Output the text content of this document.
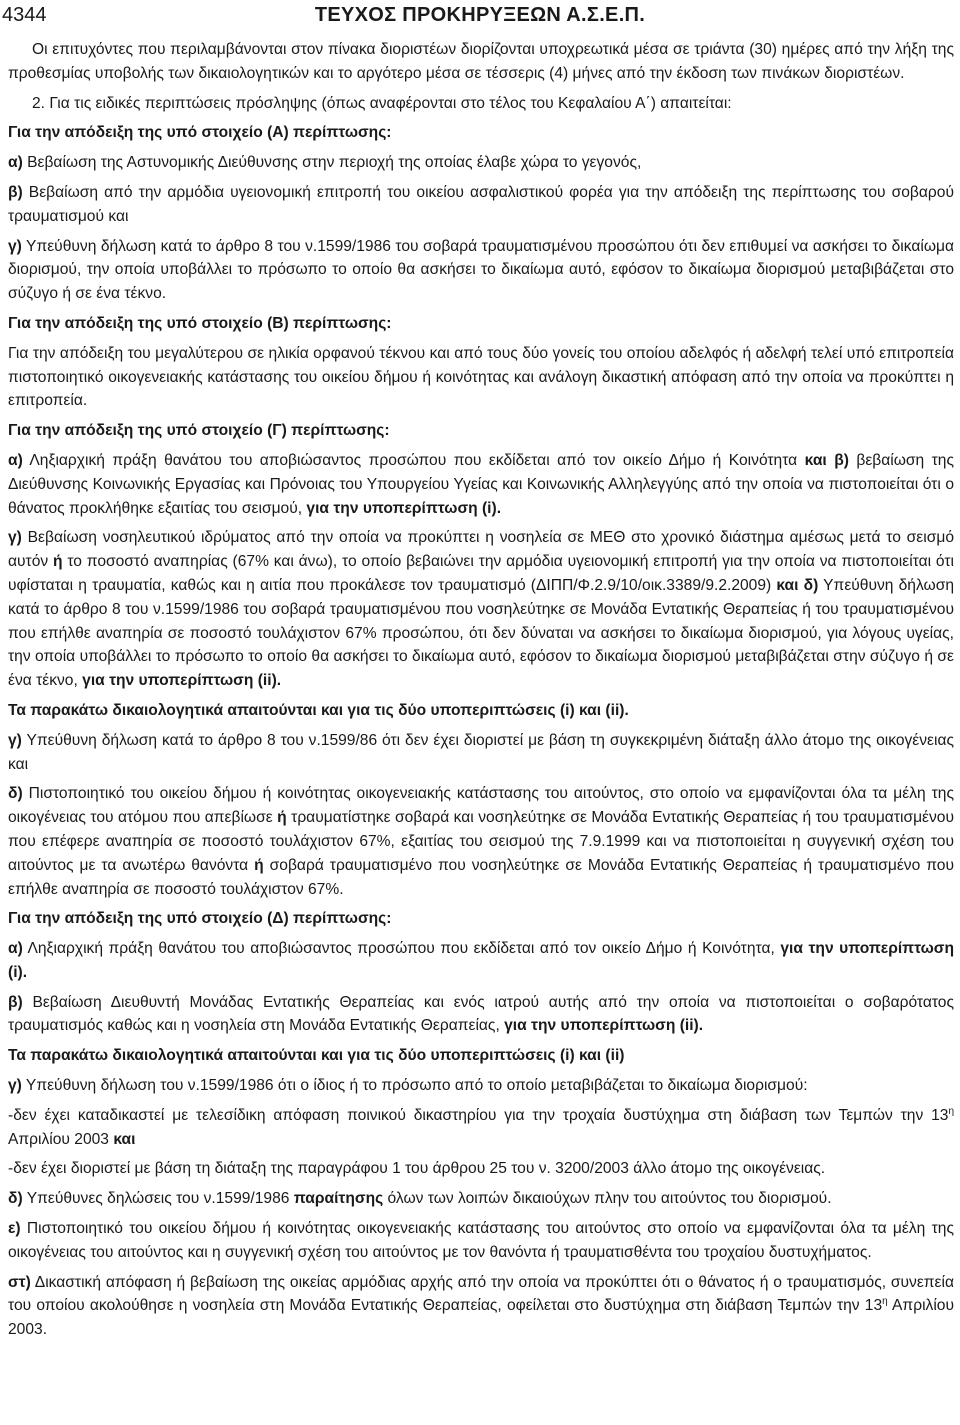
4344	ΤΕΥΧΟΣ ΠΡΟΚΗΡΥΞΕΩΝ Α.Σ.Ε.Π.

Οι επιτυχόντες που περιλαμβάνονται στον πίνακα διοριστέων διορίζονται υποχρεωτικά μέσα σε τριάντα (30) ημέρες από την λήξη της προθεσμίας υποβολής των δικαιολογητικών και το αργότερο μέσα σε τέσσερις (4) μήνες από την έκδοση των πινάκων διοριστέων.

2. Για τις ειδικές περιπτώσεις πρόσληψης (όπως αναφέρονται στο τέλος του Κεφαλαίου Α΄) απαιτείται:

Για την απόδειξη της υπό στοιχείο (Α) περίπτωσης:

α) Βεβαίωση της Αστυνομικής Διεύθυνσης στην περιοχή της οποίας έλαβε χώρα το γεγονός,

β) Βεβαίωση από την αρμόδια υγειονομική επιτροπή του οικείου ασφαλιστικού φορέα για την απόδειξη της περίπτωσης του σοβαρού τραυματισμού και

γ) Υπεύθυνη δήλωση κατά το άρθρο 8 του ν.1599/1986 του σοβαρά τραυματισμένου προσώπου ότι δεν επιθυμεί να ασκήσει το δικαίωμα διορισμού, την οποία υποβάλλει το πρόσωπο το οποίο θα ασκήσει το δικαίωμα αυτό, εφόσον το δικαίωμα διορισμού μεταβιβάζεται στο σύζυγο ή σε ένα τέκνο.

Για την απόδειξη της υπό στοιχείο (Β) περίπτωσης:

Για την απόδειξη του μεγαλύτερου σε ηλικία ορφανού τέκνου και από τους δύο γονείς του οποίου αδελφός ή αδελφή τελεί υπό επιτροπεία πιστοποιητικό οικογενειακής κατάστασης του οικείου δήμου ή κοινότητας και ανάλογη δικαστική απόφαση από την οποία να προκύπτει η επιτροπεία.

Για την απόδειξη της υπό στοιχείο (Γ) περίπτωσης:

α) Ληξιαρχική πράξη θανάτου του αποβιώσαντος προσώπου που εκδίδεται από τον οικείο Δήμο ή Κοινότητα και β) βεβαίωση της Διεύθυνσης Κοινωνικής Εργασίας και Πρόνοιας του Υπουργείου Υγείας και Κοινωνικής Αλληλεγγύης από την οποία να πιστοποιείται ότι ο θάνατος προκλήθηκε εξαιτίας του σεισμού, για την υποπερίπτωση (i).

γ) Βεβαίωση νοσηλευτικού ιδρύματος από την οποία να προκύπτει η νοσηλεία σε ΜΕΘ στο χρονικό διάστημα αμέσως μετά το σεισμό αυτόν ή το ποσοστό αναπηρίας (67% και άνω), το οποίο βεβαιώνει την αρμόδια υγειονομική επιτροπή για την οποία να πιστοποιείται ότι υφίσταται η τραυματία, καθώς και η αιτία που προκάλεσε τον τραυματισμό (ΔΙΠΠ/Φ.2.9/10/οικ.3389/9.2.2009) και δ) Υπεύθυνη δήλωση κατά το άρθρο 8 του ν.1599/1986 του σοβαρά τραυματισμένου που νοσηλεύτηκε σε Μονάδα Εντατικής Θεραπείας ή του τραυματισμένου που επήλθε αναπηρία σε ποσοστό τουλάχιστον 67% προσώπου, ότι δεν δύναται να ασκήσει το δικαίωμα διορισμού, για λόγους υγείας, την οποία υποβάλλει το πρόσωπο το οποίο θα ασκήσει το δικαίωμα αυτό, εφόσον το δικαίωμα διορισμού μεταβιβάζεται στην σύζυγο ή σε ένα τέκνο, για την υποπερίπτωση (ii).

Τα παρακάτω δικαιολογητικά απαιτούνται και για τις δύο υποπεριπτώσεις (i) και (ii).

γ) Υπεύθυνη δήλωση κατά το άρθρο 8 του ν.1599/86 ότι δεν έχει διοριστεί με βάση τη συγκεκριμένη διάταξη άλλο άτομο της οικογένειας και

δ) Πιστοποιητικό του οικείου δήμου ή κοινότητας οικογενειακής κατάστασης του αιτούντος, στο οποίο να εμφανίζονται όλα τα μέλη της οικογένειας του ατόμου που απεβίωσε ή τραυματίστηκε σοβαρά και νοσηλεύτηκε σε Μονάδα Εντατικής Θεραπείας ή του τραυματισμένου που επέφερε αναπηρία σε ποσοστό τουλάχιστον 67%, εξαιτίας του σεισμού της 7.9.1999 και να πιστοποιείται η συγγενική σχέση του αιτούντος με τα ανωτέρω θανόντα ή σοβαρά τραυματισμένο που νοσηλεύτηκε σε Μονάδα Εντατικής Θεραπείας ή τραυματισμένο που επήλθε αναπηρία σε ποσοστό τουλάχιστον 67%.

Για την απόδειξη της υπό στοιχείο (Δ) περίπτωσης:

α) Ληξιαρχική πράξη θανάτου του αποβιώσαντος προσώπου που εκδίδεται από τον οικείο Δήμο ή Κοινότητα, για την υποπερίπτωση (i).

β) Βεβαίωση Διευθυντή Μονάδας Εντατικής Θεραπείας και ενός ιατρού αυτής από την οποία να πιστοποιείται ο σοβαρότατος τραυματισμός καθώς και η νοσηλεία στη Μονάδα Εντατικής Θεραπείας, για την υποπερίπτωση (ii).

Τα παρακάτω δικαιολογητικά απαιτούνται και για τις δύο υποπεριπτώσεις (i) και (ii)

γ) Υπεύθυνη δήλωση του ν.1599/1986 ότι ο ίδιος ή το πρόσωπο από το οποίο μεταβιβάζεται το δικαίωμα διορισμού:

-δεν έχει καταδικαστεί με τελεσίδικη απόφαση ποινικού δικαστηρίου για την τροχαία δυστύχημα στη διάβαση των Τεμπών την $13^\eta$ Απριλίου 2003 και

-δεν έχει διοριστεί με βάση τη διάταξη της παραγράφου 1 του άρθρου 25 του ν. 3200/2003 άλλο άτομο της οικογένειας.

δ) Υπεύθυνες δηλώσεις του ν.1599/1986 παραίτησης όλων των λοιπών δικαιούχων πλην του αιτούντος του διορισμού.

ε) Πιστοποιητικό του οικείου δήμου ή κοινότητας οικογενειακής κατάστασης του αιτούντος στο οποίο να εμφανίζονται όλα τα μέλη της οικογένειας του αιτούντος και η συγγενική σχέση του αιτούντος με τον θανόντα ή τραυματισθέντα του τροχαίου δυστυχήματος.

στ) Δικαστική απόφαση ή βεβαίωση της οικείας αρμόδιας αρχής από την οποία να προκύπτει ότι ο θάνατος ή ο τραυματισμός, συνεπεία του οποίου ακολούθησε η νοσηλεία στη Μονάδα Εντατικής Θεραπείας, οφείλεται στο δυστύχημα στη διάβαση Τεμπών την $13^\eta$ Απριλίου 2003.
